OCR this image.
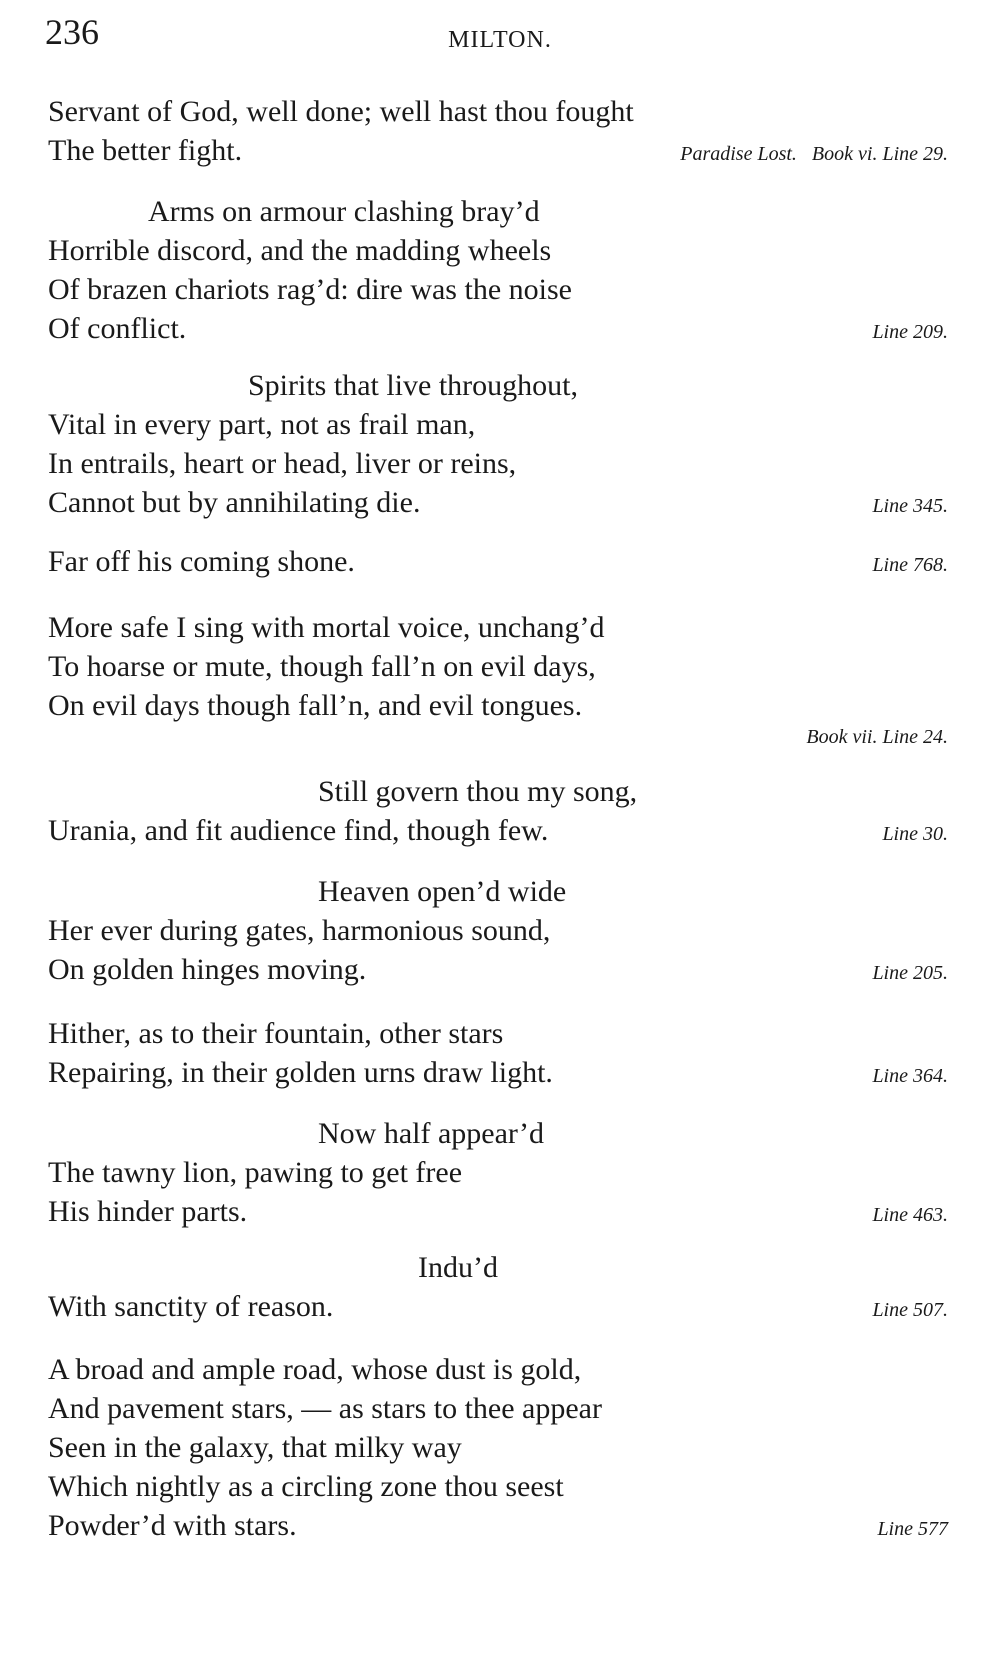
236	MILTON.
Servant of God, well done; well hast thou fought
The better fight.	Paradise Lost.   Book vi. Line 29.
Arms on armour clashing bray’d
Horrible discord, and the madding wheels
Of brazen chariots rag’d: dire was the noise
Of conflict.	Line 209.
Spirits that live throughout,
Vital in every part, not as frail man,
In entrails, heart or head, liver or reins,
Cannot but by annihilating die.	Line 345.
Far off his coming shone.	Line 768.
More safe I sing with mortal voice, unchang’d
To hoarse or mute, though fall’n on evil days,
On evil days though fall’n, and evil tongues.
Book vii. Line 24.
Still govern thou my song,
Urania, and fit audience find, though few.	Line 30.
Heaven open’d wide
Her ever during gates, harmonious sound,
On golden hinges moving.	Line 205.
Hither, as to their fountain, other stars
Repairing, in their golden urns draw light.	Line 364.
Now half appear’d
The tawny lion, pawing to get free
His hinder parts.	Line 463.
Indu’d
With sanctity of reason.	Line 507.
A broad and ample road, whose dust is gold,
And pavement stars, — as stars to thee appear
Seen in the galaxy, that milky way
Which nightly as a circling zone thou seest
Powder’d with stars.	Line 577
